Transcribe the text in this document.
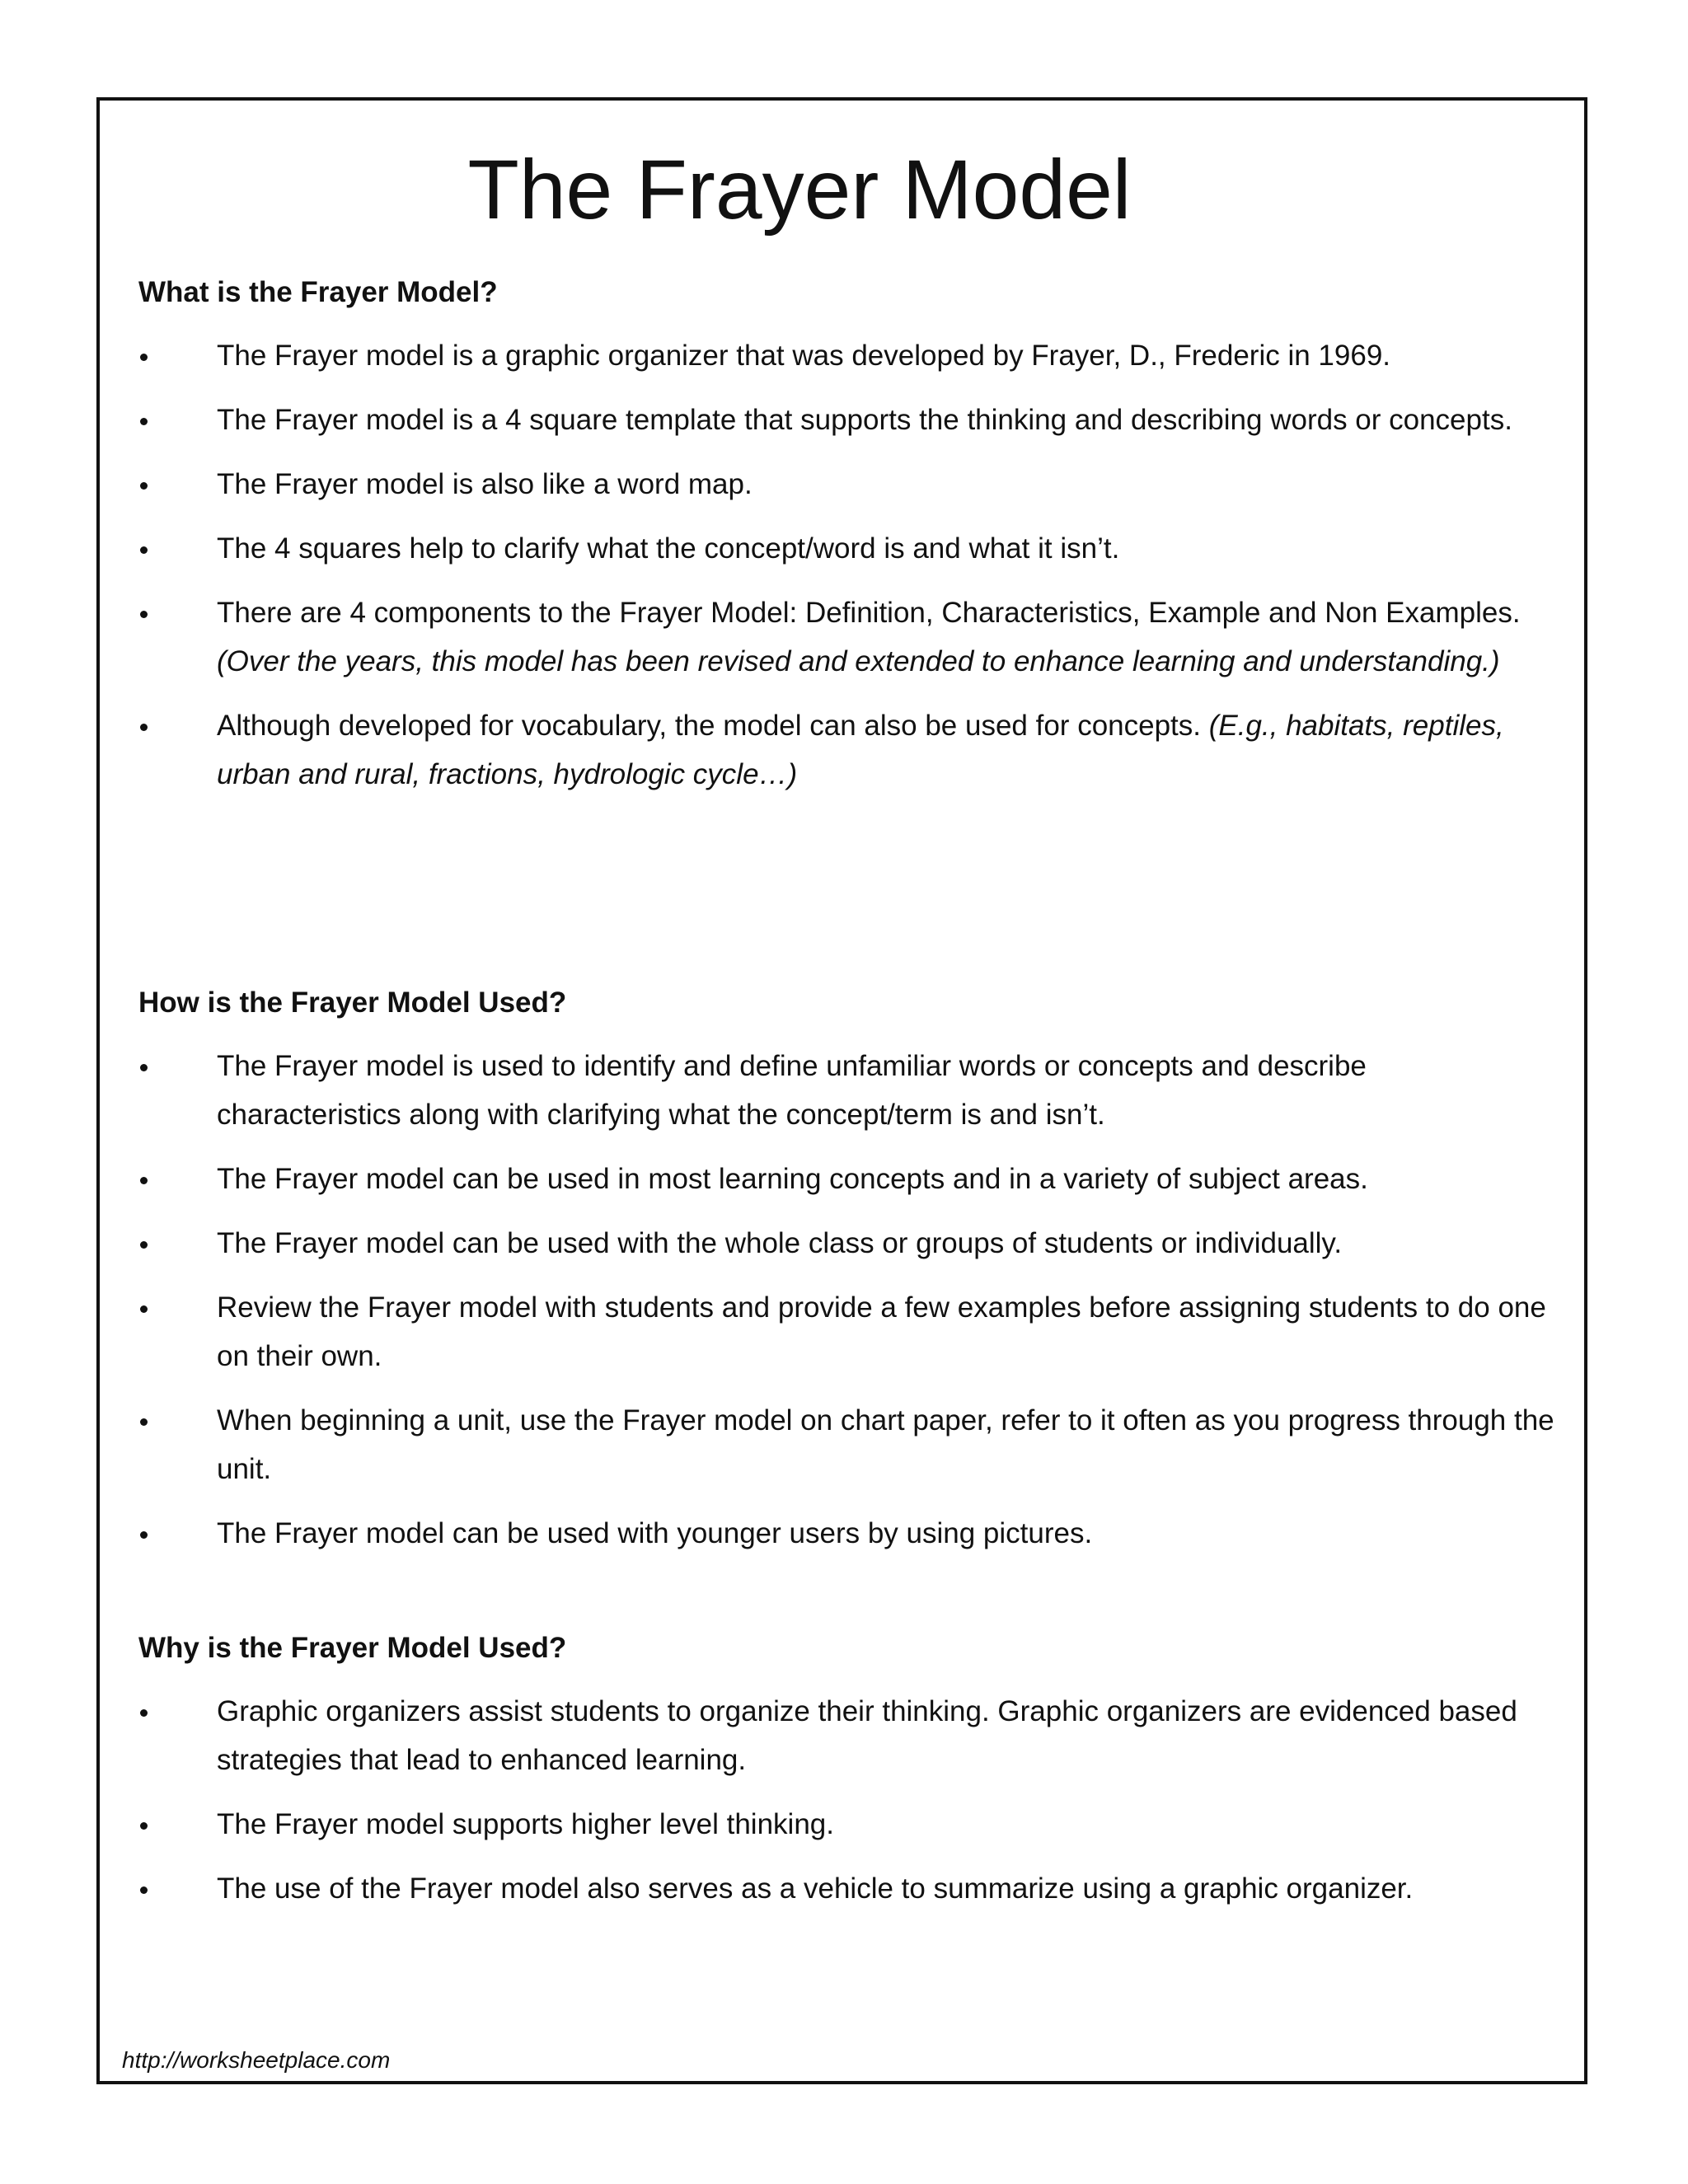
The Frayer Model
What is the Frayer Model?
The Frayer model is a graphic organizer that was developed by Frayer, D., Frederic in 1969.
The Frayer model is a 4 square template that supports the thinking and describing words or concepts.
The Frayer model is also like a word map.
The 4 squares help to clarify what the concept/word is and what it isn’t.
There are 4 components to the Frayer Model: Definition, Characteristics, Example and Non Examples. (Over the years, this model has been revised and extended to enhance learning and understanding.)
Although developed for vocabulary, the model can also be used for concepts. (E.g., habitats, reptiles, urban and rural, fractions, hydrologic cycle…)
How is the Frayer Model Used?
The Frayer model is used to identify and define unfamiliar words or concepts and describe characteristics along with clarifying what the concept/term is and isn’t.
The Frayer model can be used in most learning concepts and in a variety of subject areas.
The Frayer model can be used with the whole class or groups of students or individually.
Review the Frayer model with students and provide a few examples before assigning students to do one on their own.
When beginning a unit, use the Frayer model on chart paper, refer to it often as you progress through the unit.
The Frayer model can be used with younger users by using pictures.
Why is the Frayer Model Used?
Graphic organizers assist students to organize their thinking. Graphic organizers are evidenced based strategies that lead to enhanced learning.
The Frayer model supports higher level thinking.
The use of the Frayer model also serves as a vehicle to summarize using a graphic organizer.
http://worksheetplace.com
